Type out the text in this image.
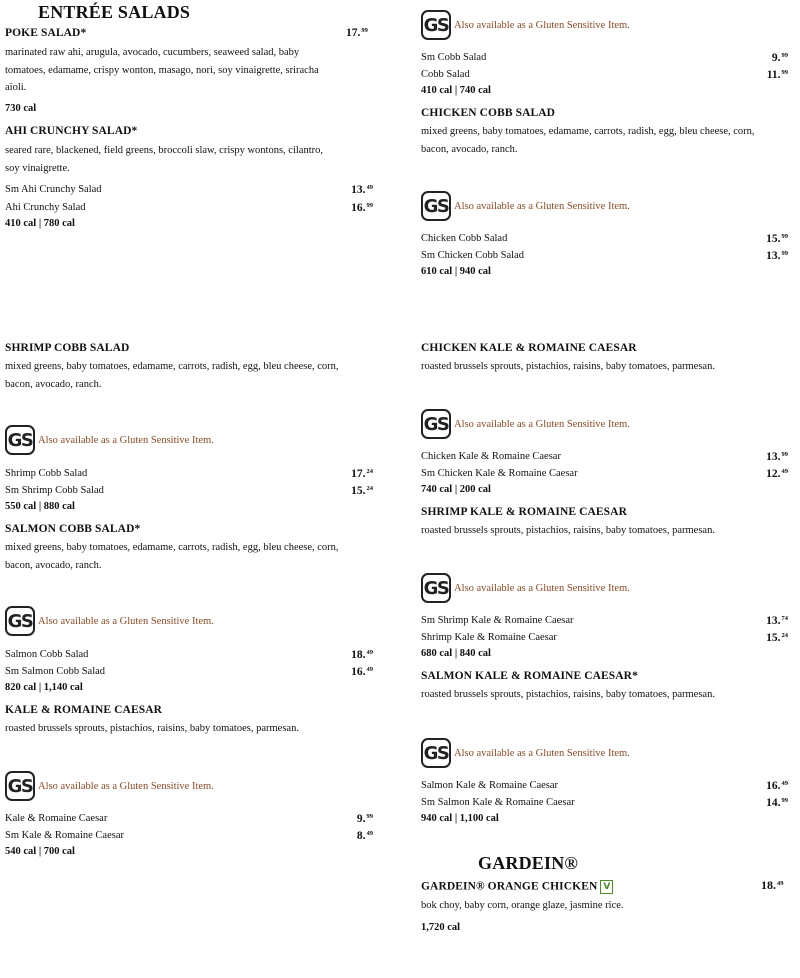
ENTRÉE SALADS
POKE SALAD*	17.99
marinated raw ahi, arugula, avocado, cucumbers, seaweed salad, baby tomatoes, edamame, crispy wonton, masago, nori, soy vinaigrette, sriracha aïoli.
730 cal
AHI CRUNCHY SALAD*
seared rare, blackened, field greens, broccoli slaw, crispy wontons, cilantro, soy vinaigrette.
Sm Ahi Crunchy Salad	13.49
Ahi Crunchy Salad	16.99
410 cal | 780 cal
SHRIMP COBB SALAD
mixed greens, baby tomatoes, edamame, carrots, radish, egg, bleu cheese, corn, bacon, avocado, ranch.
GS Also available as a Gluten Sensitive Item.
Shrimp Cobb Salad	17.24
Sm Shrimp Cobb Salad	15.24
550 cal | 880 cal
SALMON COBB SALAD*
mixed greens, baby tomatoes, edamame, carrots, radish, egg, bleu cheese, corn, bacon, avocado, ranch.
GS Also available as a Gluten Sensitive Item.
Salmon Cobb Salad	18.49
Sm Salmon Cobb Salad	16.49
820 cal | 1,140 cal
KALE & ROMAINE CAESAR
roasted brussels sprouts, pistachios, raisins, baby tomatoes, parmesan.
GS Also available as a Gluten Sensitive Item.
Kale & Romaine Caesar	9.99
Sm Kale & Romaine Caesar	8.49
540 cal | 700 cal
GS Also available as a Gluten Sensitive Item.
Sm Cobb Salad	9.99
Cobb Salad	11.99
410 cal | 740 cal
CHICKEN COBB SALAD
mixed greens, baby tomatoes, edamame, carrots, radish, egg, bleu cheese, corn, bacon, avocado, ranch.
GS Also available as a Gluten Sensitive Item.
Chicken Cobb Salad	15.99
Sm Chicken Cobb Salad	13.99
610 cal | 940 cal
CHICKEN KALE & ROMAINE CAESAR
roasted brussels sprouts, pistachios, raisins, baby tomatoes, parmesan.
GS Also available as a Gluten Sensitive Item.
Chicken Kale & Romaine Caesar	13.99
Sm Chicken Kale & Romaine Caesar	12.49
740 cal | 200 cal
SHRIMP KALE & ROMAINE CAESAR
roasted brussels sprouts, pistachios, raisins, baby tomatoes, parmesan.
GS Also available as a Gluten Sensitive Item.
Sm Shrimp Kale & Romaine Caesar	13.74
Shrimp Kale & Romaine Caesar	15.24
680 cal | 840 cal
SALMON KALE & ROMAINE CAESAR*
roasted brussels sprouts, pistachios, raisins, baby tomatoes, parmesan.
GS Also available as a Gluten Sensitive Item.
Salmon Kale & Romaine Caesar	16.49
Sm Salmon Kale & Romaine Caesar	14.99
940 cal | 1,100 cal
GARDEIN®
GARDEIN® ORANGE CHICKEN V	18.49
bok choy, baby corn, orange glaze, jasmine rice.
1,720 cal
